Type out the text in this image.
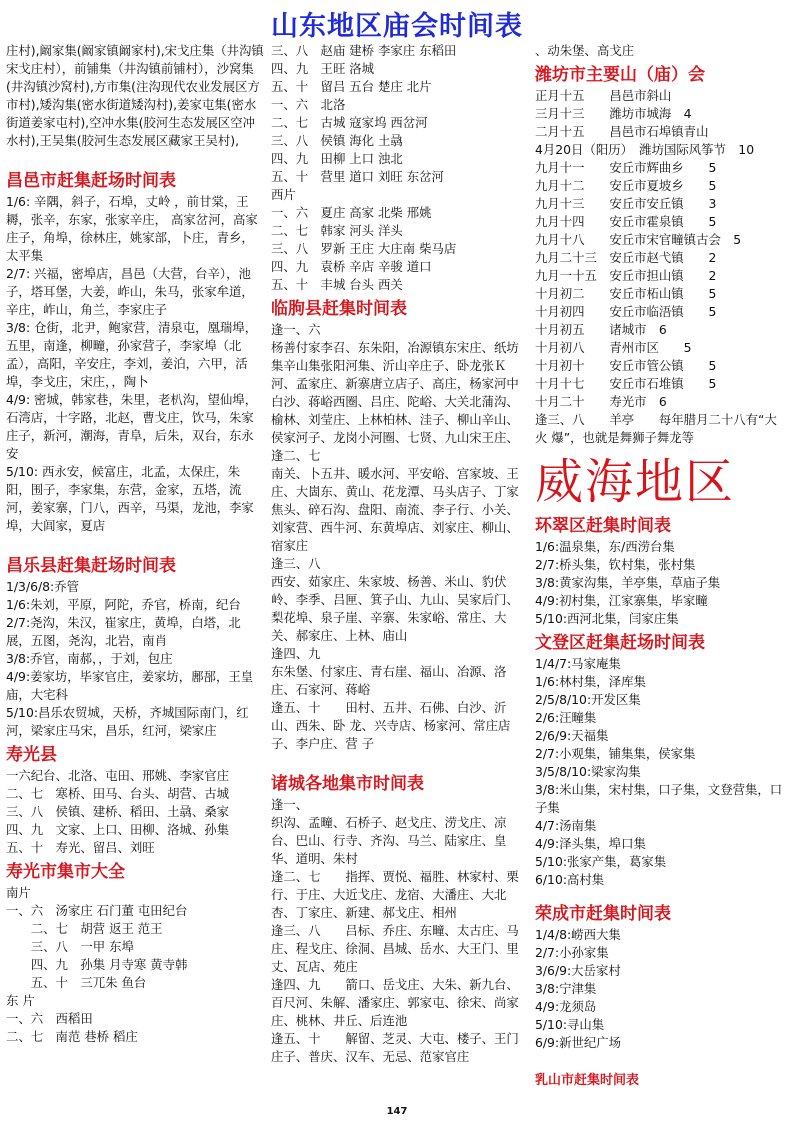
山东地区庙会时间表
庄村),阚家集(阚家镇阚家村),宋戈庄集（井沟镇宋戈庄村），前铺集（井沟镇前铺村），沙窝集(井沟镇沙窝村),方市集(注沟现代农业发展区方市村),矮沟集(密水街道矮沟村),姜家屯集(密水街道姜家屯村),空冲水集(胶河生态发展区空冲水村),王吴集(胶河生态发展区藏家王吴村),
昌邑市赶集赶场时间表
1/6: 辛隅，斜子，石埠，丈岭 ，前甘棠，王耨，张辛，东家，张家辛庄， 高家岔河，高家庄子，角埠，徐林庄，姚家部，卜庄，青乡，太平集
2/7: 兴福，密埠店，昌邑（大营，台辛），池子，塔耳堡，大姜，岞山，朱马，张家牟道，辛庄，岞山，角兰，李家庄子
3/8: 仓街，北尹，鲍家营，清泉屯，凰瑞埠，五里，南逢，柳疃，孙家营子，李家埠（北孟），高阳，辛安庄，李刘，姜泊，六甲，活埠，李戈庄，宋庄，，陶卜
4/9: 密城，韩家巷，朱里，老朳沟，望仙埠，石湾店，十字路，北赵，曹戈庄，饮马，朱家庄子，新河，潮海，青阜，后朱，双台，东永安
5/10: 西永安，候富庄，北孟，太保庄，朱阳，围子，李家集，东营，金家，五塔，流河，姜家寨，门八，西辛，马渠，龙池，李家埠，大闾家，夏店
昌乐县赶集赶场时间表
1/3/6/8:乔管
1/6:朱刘，平原，阿陀，乔官，桥南，纪台
2/7:尧沟，朱汉，崔家庄，黄埠，白塔，北展，五图，尧沟，北岩，南肖
3/8:乔官，南郝，，于刘，包庄
4/9:姜家坊，毕家官庄，姜家坊，鄌郚，王皇庙，大宅科
5/10:昌乐农贸城，天桥，齐城国际南门，红河，梁家庄马宋，昌乐，红河，梁家庄
寿光县
一六纪台、北洛、屯田、邢姚、李家官庄
二、七　寒桥、田马、台头、胡营、古城
三、八　侯镇、建桥、稻田、土骉、桑家
四、九　文家、上口、田柳、洛城、孙集
五、十　寿光、留吕、刘旺
寿光市集市大全
南片
一、六　汤家庄 石门董 屯田纪台
　　二、七　胡营 返王 范王
　　三、八　一甲 东埠
　　四、九　孙集 月寺寒 黄寺韩
　　五、十　三兀朱 鱼台
东 片
一、六　西稻田
二、七　南范 巷桥 稻庄
三、八　赵庙 建桥 李家庄 东稻田
四、九　王旺 洛城
五、十　留吕 五台 楚庄 北片
一、六　北洛
二、七　古城 寇家坞 西岔河
三、八　侯镇 海化 土骉
四、九　田柳 上口 浊北
五、十　营里 道口 刘旺 东岔河
西片
一、六　夏庄 高家 北柴 邢姚
二、七　韩家 河头 洋头
三、八　罗新 王庄 大庄南 柴马店
四、九　袁桥 辛店 辛骏 道口
五、十　丰城 台头 西关
临朐县赶集时间表
逢一、六
杨善付家李召、东朱阳，冶源镇东宋庄、纸坊 集辛山集张阳河集、沂山辛庄子、卧龙张Ｋ 河、孟家庄、新寨唐立店子、高庄，杨家河中 白沙、蒋峪西圈、吕庄、陀峪、大关北蒲沟、 榆林、刘莹庄、上林柏林、洼子、柳山辛山、 侯家河子、龙岗小河圈、七贤、九山宋王庄、
逢二、七
南关、卜五井、暖水河、平安峪、宫家坡、王 庄、大崮东、黄山、花龙潭、马头店子、丁家 焦头、碎石沟、盘阳、南流、李子行、小关、 刘家营、西牛河、东黄埠店、刘家庄、柳山、 宿家庄
逢三、八
西安、茹家庄、朱家坡、杨善、米山、豹伏 岭、李季、吕匣、箕子山、九山、吴家后门、 梨花埠、泉子崖、辛寨、朱家峪、常庄、大 关、郝家庄、上林、庙山
逢四、九
东朱堡、付家庄、青右崖、福山、冶源、洛 庄、石家河、蒋峪
逢五、十　　田村、五井、石佛、白沙、沂山、西朱、卧 龙、兴寺店、杨家河、常庄店子、李户庄、营 子
诸城各地集市时间表
逢一、
织沟、孟疃、石桥子、赵戈庄、涝戈庄、凉台、巴山、行寺、齐沟、马兰、陆家庄、皇华、道明、朱村
逢二、七　　指挥、贾悦、福胜、林家村、栗行、于庄、大近戈庄、龙宿、大潘庄、大北杏、丁家庄、新建、郝戈庄、相州
逢三、八　　吕标、乔庄、东疃、太古庄、马庄、程戈庄、徐洞、昌城、岳水、大王门、里丈、瓦店、苑庄
逢四、九　　箭口、岳戈庄、大朱、新九台、百尺河、朱解、潘家庄、郭家屯、徐宋、尚家庄、桃林、井丘、后连池
逢五、十　　解留、芝灵、大屯、楼子、王门庄子、普庆、汉车、无忌、范家官庄
、动朱堡、高戈庄
潍坊市主要山（庙）会
正月十五　　昌邑市斜山
三月十三　　潍坊市城海　4
二月十五　　昌邑市石埠镇青山
4月20日（阳历）　潍坊国际风筝节　10
九月十一　　安丘市辉曲乡　　5
九月十二　　安丘市夏坡乡　　5
九月十三　　安丘市安丘镇　　3
九月十四　　安丘市霍泉镇　　5
九月十八　　安丘市宋官疃镇古会　5
九月二十三　安丘市赵弋镇　　2
九月一十五　安丘市担山镇　　2
十月初二　　安丘市柘山镇　　5
十月初四　　安丘市临浯镇　　5
十月初五　　诸城市　6
十月初八　　青州市区　　5
十月初十　　安丘市管公镇　　5
十月十七　　安丘市石堆镇　　5
十月二十　　寿光市　6
逢三、八　　羊亭　　每年腊月二十八有“大火 爆”，也就是舞狮子舞龙等
威海地区
环翠区赶集时间表
1/6:温泉集，东/西涝台集
2/7:桥头集，钦村集，张村集
3/8:黄家沟集，羊亭集，草庙子集
4/9:初村集，江家寨集，毕家疃
5/10:西河北集，闫家庄集
文登区赶集赶场时间表
1/4/7:马家庵集
1/6:林村集，泽库集
2/5/8/10:开发区集
2/6:汪疃集
2/6/9:天福集
2/7:小观集，铺集集，侯家集
3/5/8/10:梁家沟集
3/8:米山集，宋村集，口子集，文登营集，口子集
4/7:汤南集
4/9:泽头集，埠口集
5/10:张家产集，葛家集
6/10:高村集
荣成市赶集时间表
1/4/8:崂西大集
2/7:小孙家集
3/6/9:大岳家村
3/8:宁津集
4/9:龙须岛
5/10:寻山集
6/9:新世纪广场
乳山市赶集时间表
147
